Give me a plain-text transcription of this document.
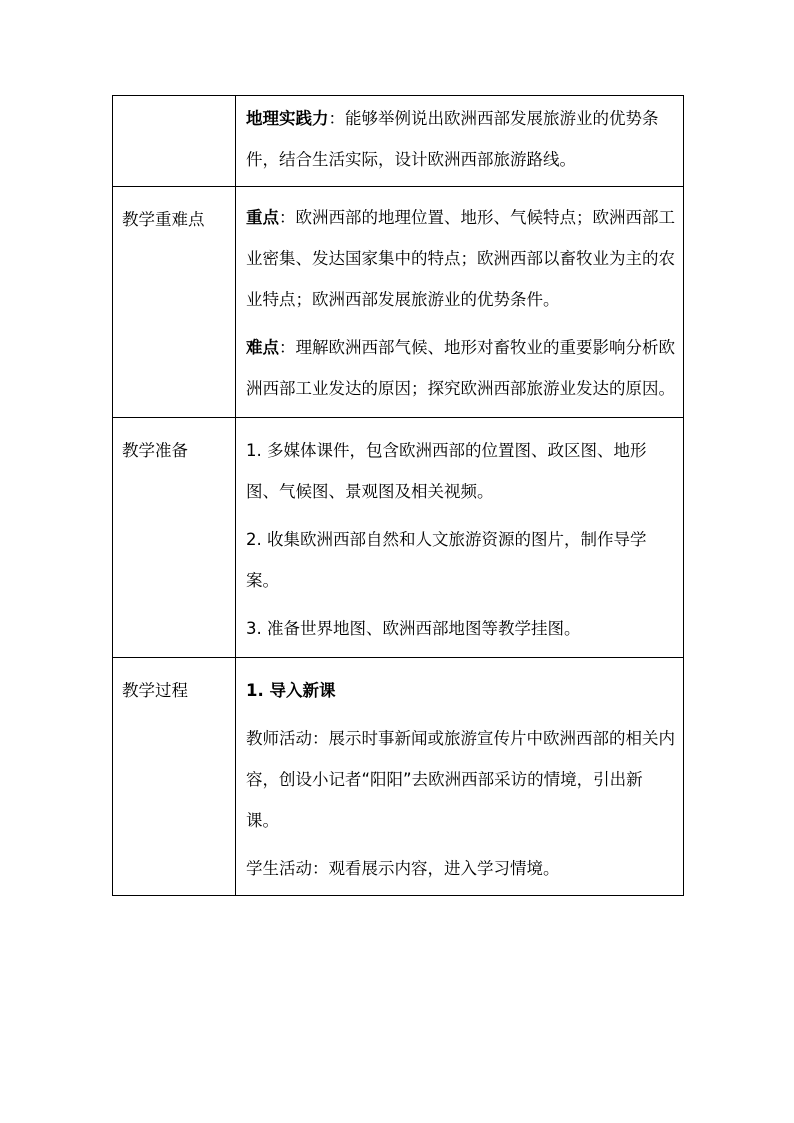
	地理实践力：能够举例说出欧洲西部发展旅游业的优势条件，结合生活实际，设计欧洲西部旅游路线。

教学重难点	重点：欧洲西部的地理位置、地形、气候特点；欧洲西部工业密集、发达国家集中的特点；欧洲西部以畜牧业为主的农业特点；欧洲西部发展旅游业的优势条件。

难点：理解欧洲西部气候、地形对畜牧业的重要影响分析欧洲西部工业发达的原因；探究欧洲西部旅游业发达的原因。

教学准备	1. 多媒体课件，包含欧洲西部的位置图、政区图、地形图、气候图、景观图及相关视频。

2. 收集欧洲西部自然和人文旅游资源的图片，制作导学案。

3. 准备世界地图、欧洲西部地图等教学挂图。

教学过程	1. 导入新课

教师活动：展示时事新闻或旅游宣传片中欧洲西部的相关内容，创设小记者“阳阳”去欧洲西部采访的情境，引出新课。

学生活动：观看展示内容，进入学习情境。
